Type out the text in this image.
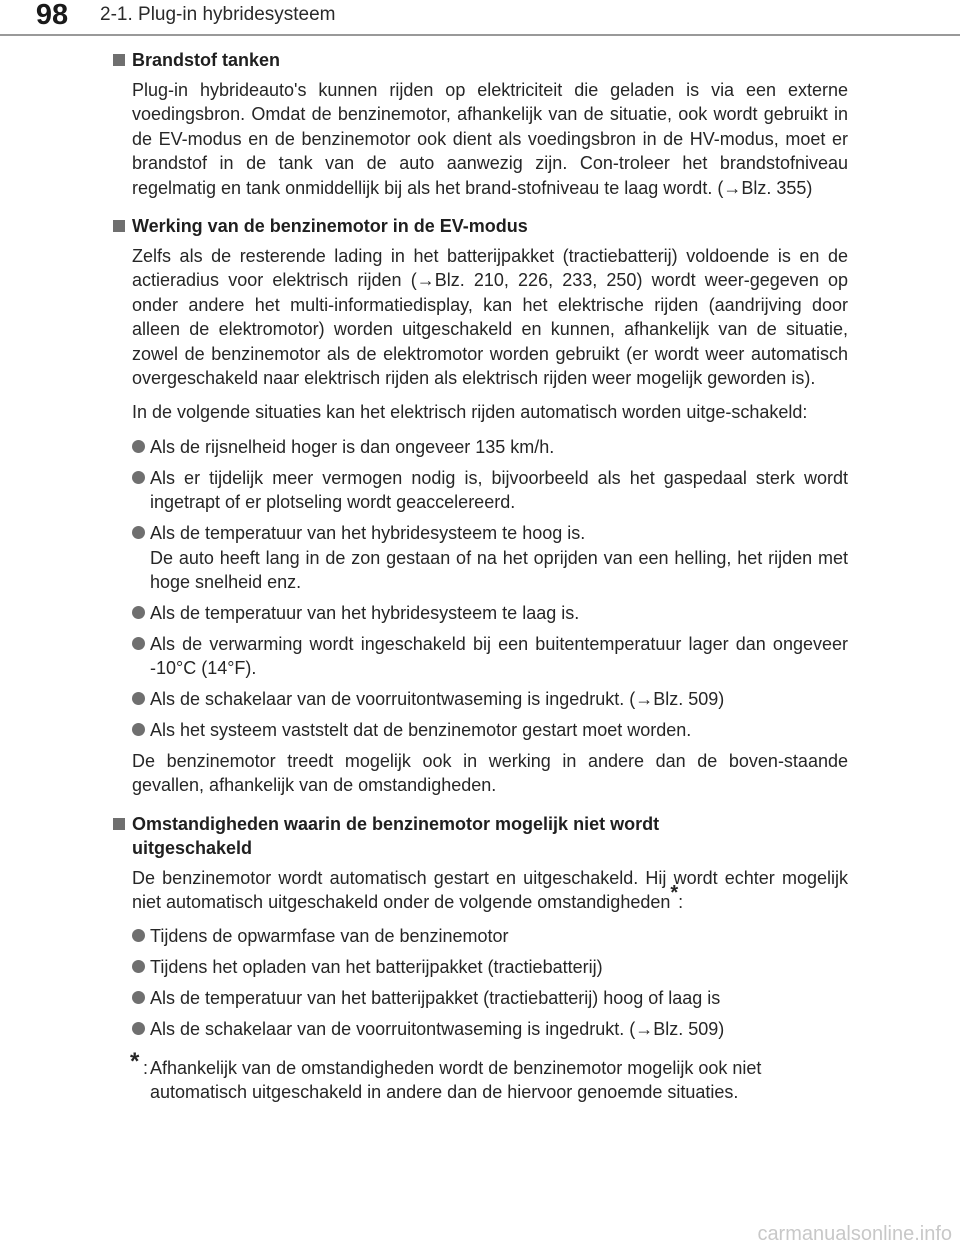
98	2-1. Plug-in hybridesysteem
Brandstof tanken

Plug-in hybrideauto's kunnen rijden op elektriciteit die geladen is via een externe voedingsbron. Omdat de benzinemotor, afhankelijk van de situatie, ook wordt gebruikt in de EV-modus en de benzinemotor ook dient als voedingsbron in de HV-modus, moet er brandstof in de tank van de auto aanwezig zijn. Con-troleer het brandstofniveau regelmatig en tank onmiddellijk bij als het brand-stofniveau te laag wordt. (→Blz. 355)

Werking van de benzinemotor in de EV-modus

Zelfs als de resterende lading in het batterijpakket (tractiebatterij) voldoende is en de actieradius voor elektrisch rijden (→Blz. 210, 226, 233, 250) wordt weer-gegeven op onder andere het multi-informatiedisplay, kan het elektrische rijden (aandrijving door alleen de elektromotor) worden uitgeschakeld en kunnen, afhankelijk van de situatie, zowel de benzinemotor als de elektromotor worden gebruikt (er wordt weer automatisch overgeschakeld naar elektrisch rijden als elektrisch rijden weer mogelijk geworden is).

In de volgende situaties kan het elektrisch rijden automatisch worden uitge-schakeld:

Als de rijsnelheid hoger is dan ongeveer 135 km/h.
Als er tijdelijk meer vermogen nodig is, bijvoorbeeld als het gaspedaal sterk wordt ingetrapt of er plotseling wordt geaccelereerd.
Als de temperatuur van het hybridesysteem te hoog is.
De auto heeft lang in de zon gestaan of na het oprijden van een helling, het rijden met hoge snelheid enz.
Als de temperatuur van het hybridesysteem te laag is.
Als de verwarming wordt ingeschakeld bij een buitentemperatuur lager dan ongeveer -10°C (14°F).
Als de schakelaar van de voorruitontwaseming is ingedrukt. (→Blz. 509)
Als het systeem vaststelt dat de benzinemotor gestart moet worden.

De benzinemotor treedt mogelijk ook in werking in andere dan de boven-staande gevallen, afhankelijk van de omstandigheden.

Omstandigheden waarin de benzinemotor mogelijk niet wordt
uitgeschakeld

De benzinemotor wordt automatisch gestart en uitgeschakeld. Hij wordt echter mogelijk niet automatisch uitgeschakeld onder de volgende omstandigheden*:

Tijdens de opwarmfase van de benzinemotor
Tijdens het opladen van het batterijpakket (tractiebatterij)
Als de temperatuur van het batterijpakket (tractiebatterij) hoog of laag is
Als de schakelaar van de voorruitontwaseming is ingedrukt. (→Blz. 509)
* : Afhankelijk van de omstandigheden wordt de benzinemotor mogelijk ook niet automatisch uitgeschakeld in andere dan de hiervoor genoemde situaties.
carmanualsonline.info
